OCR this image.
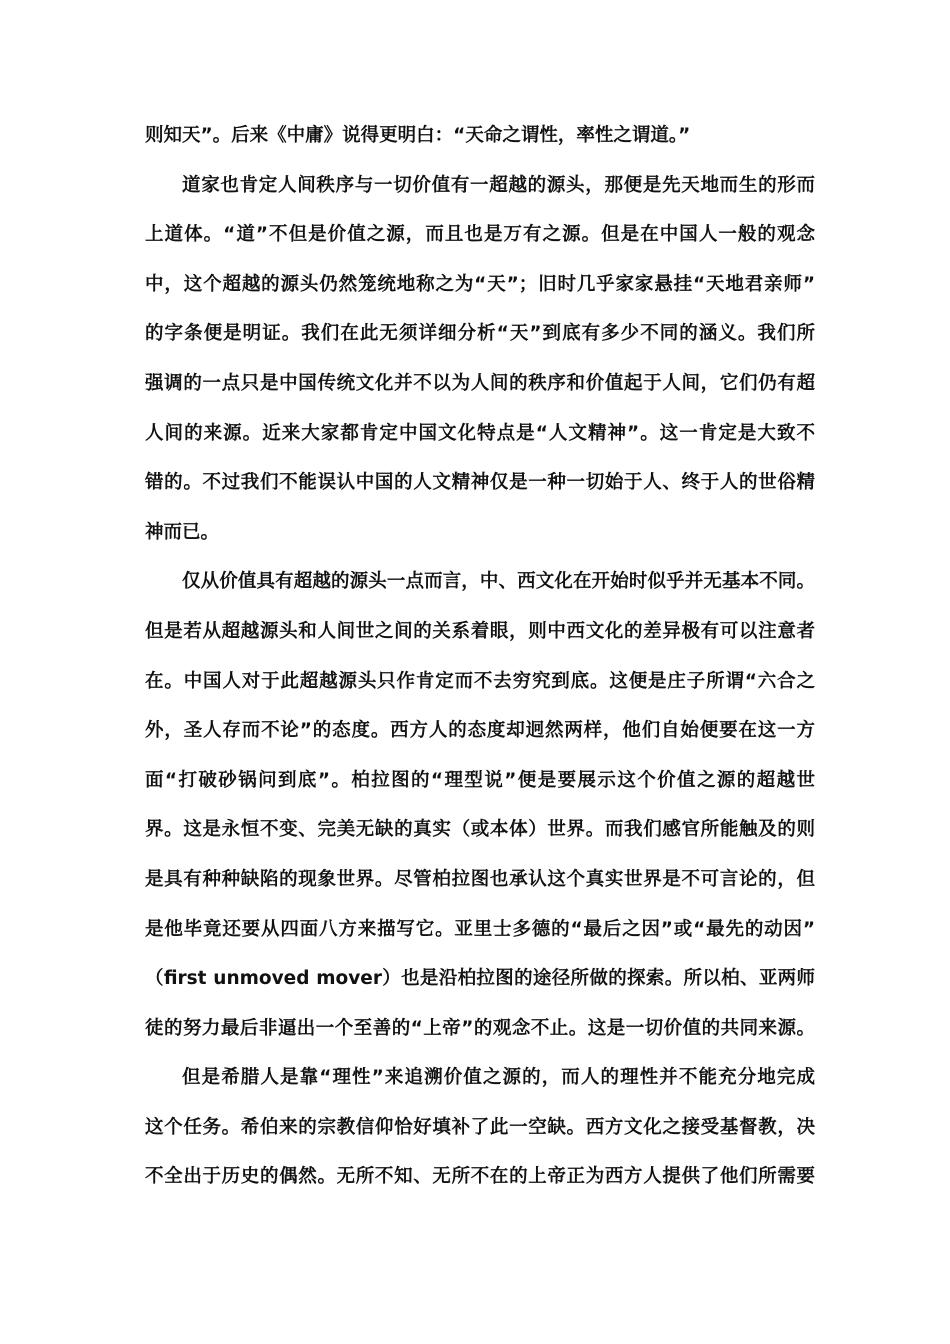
则知天”。后来《中庸》说得更明白：“天命之谓性，率性之谓道。”
道家也肯定人间秩序与一切价值有一超越的源头，那便是先天地而生的形而
上道体。“道”不但是价值之源，而且也是万有之源。但是在中国人一般的观念
中，这个超越的源头仍然笼统地称之为“天”；旧时几乎家家悬挂“天地君亲师”
的字条便是明证。我们在此无须详细分析“天”到底有多少不同的涵义。我们所
强调的一点只是中国传统文化并不以为人间的秩序和价值起于人间，它们仍有超
人间的来源。近来大家都肯定中国文化特点是“人文精神”。这一肯定是大致不
错的。不过我们不能误认中国的人文精神仅是一种一切始于人、终于人的世俗精
神而已。
仅从价值具有超越的源头一点而言，中、西文化在开始时似乎并无基本不同。
但是若从超越源头和人间世之间的关系着眼，则中西文化的差异极有可以注意者
在。中国人对于此超越源头只作肯定而不去穷究到底。这便是庄子所谓“六合之
外，圣人存而不论”的态度。西方人的态度却迥然两样，他们自始便要在这一方
面“打破砂锅问到底”。柏拉图的“理型说”便是要展示这个价值之源的超越世
界。这是永恒不变、完美无缺的真实（或本体）世界。而我们感官所能触及的则
是具有种种缺陷的现象世界。尽管柏拉图也承认这个真实世界是不可言论的，但
是他毕竟还要从四面八方来描写它。亚里士多德的“最后之因”或“最先的动因”
（first unmoved mover）也是沿柏拉图的途径所做的探索。所以柏、亚两师
徒的努力最后非逼出一个至善的“上帝”的观念不止。这是一切价值的共同来源。
但是希腊人是靠“理性”来追溯价值之源的，而人的理性并不能充分地完成
这个任务。希伯来的宗教信仰恰好填补了此一空缺。西方文化之接受基督教，决
不全出于历史的偶然。无所不知、无所不在的上帝正为西方人提供了他们所需要
